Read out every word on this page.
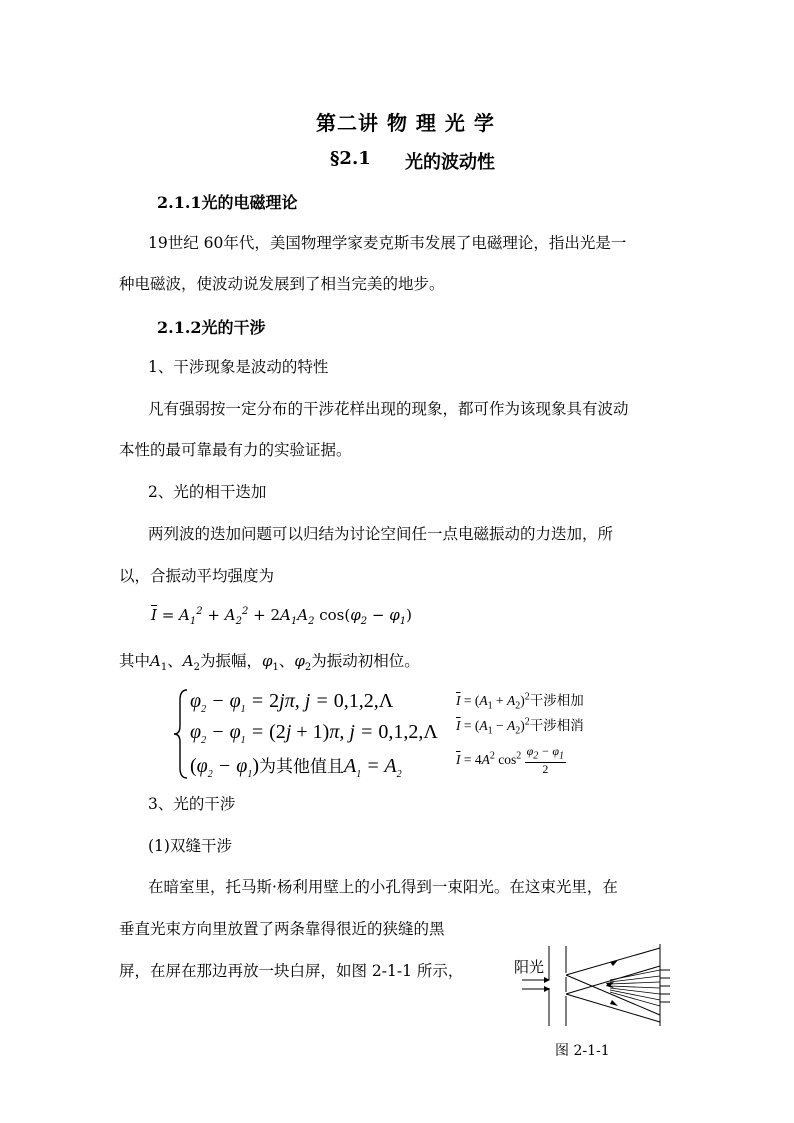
第二讲 物 理 光 学
§2.1 光的波动性
2.1.1光的电磁理论
19世纪 60年代，美国物理学家麦克斯韦发展了电磁理论，指出光是一
种电磁波，使波动说发展到了相当完美的地步。
2.1.2光的干涉
1、干涉现象是波动的特性
凡有强弱按一定分布的干涉花样出现的现象，都可作为该现象具有波动
本性的最可靠最有力的实验证据。
2、光的相干迭加
两列波的迭加问题可以归结为讨论空间任一点电磁振动的力迭加，所
以，合振动平均强度为
$\overline{I} = A_1^2 + A_2^2 + 2A_1A_2$ $\cos(\varphi_2 - \varphi_1)$
其中$A_1$、$A_2$为振幅，$\varphi_1$、$\varphi_2$为振动初相位。
$\varphi_2 - \varphi_1 = 2j\pi$, j = 0,1,2,Λ
$\varphi_2 - \varphi_1 = (2j + 1)\pi$, j = 0,1,2,Λ
$(\varphi_2 - \varphi_1)$为其他值且$A_1 = A_2$
$\overline{I} = (A_1 + A_2)^2$干涉相加
$\overline{I} = (A_1 - A_2)^2$干涉相消
$\overline{I} = 4A^2$ $\cos^2 \frac{\varphi_2 - \varphi_1}{2}$
3、光的干涉
(1)双缝干涉
在暗室里，托马斯·杨利用壁上的小孔得到一束阳光。在这束光里，在
垂直光束方向里放置了两条靠得很近的狭缝的黑
屏，在屏在那边再放一块白屏，如图 2-1-1 所示，	阳光
图 2-1-1
